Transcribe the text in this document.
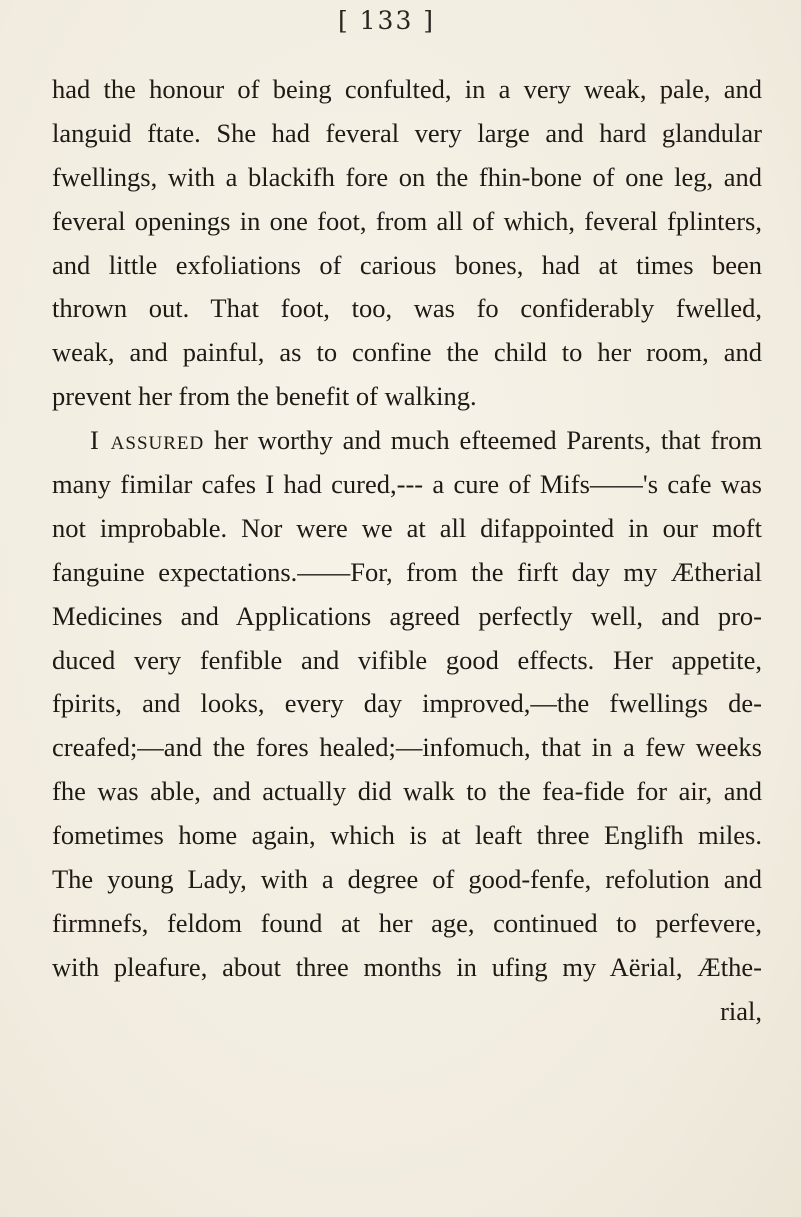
[ 133 ]
had the honour of being confulted, in a very weak, pale, and
languid ftate. She had feveral very large and hard glandular
fwellings, with a blackifh fore on the fhin-bone of one leg, and
feveral openings in one foot, from all of which, feveral fplinters,
and little exfoliations of carious bones, had at times been
thrown out. That foot, too, was fo confiderably fwelled,
weak, and painful, as to confine the child to her room, and
prevent her from the benefit of walking.
I assured her worthy and much efteemed Parents, that from
many fimilar cafes I had cured,--- a cure of Mifs——'s cafe was
not improbable. Nor were we at all difappointed in our moft
fanguine expectations.——For, from the firft day my Ætherial
Medicines and Applications agreed perfectly well, and pro-
duced very fenfible and vifible good effects. Her appetite,
fpirits, and looks, every day improved,—the fwellings de-
creafed;—and the fores healed;—infomuch, that in a few weeks
fhe was able, and actually did walk to the fea-fide for air, and
fometimes home again, which is at leaft three Englifh miles.
The young Lady, with a degree of good-fenfe, refolution and
firmnefs, feldom found at her age, continued to perfevere,
with pleafure, about three months in ufing my Aërial, Æthe-
rial,
